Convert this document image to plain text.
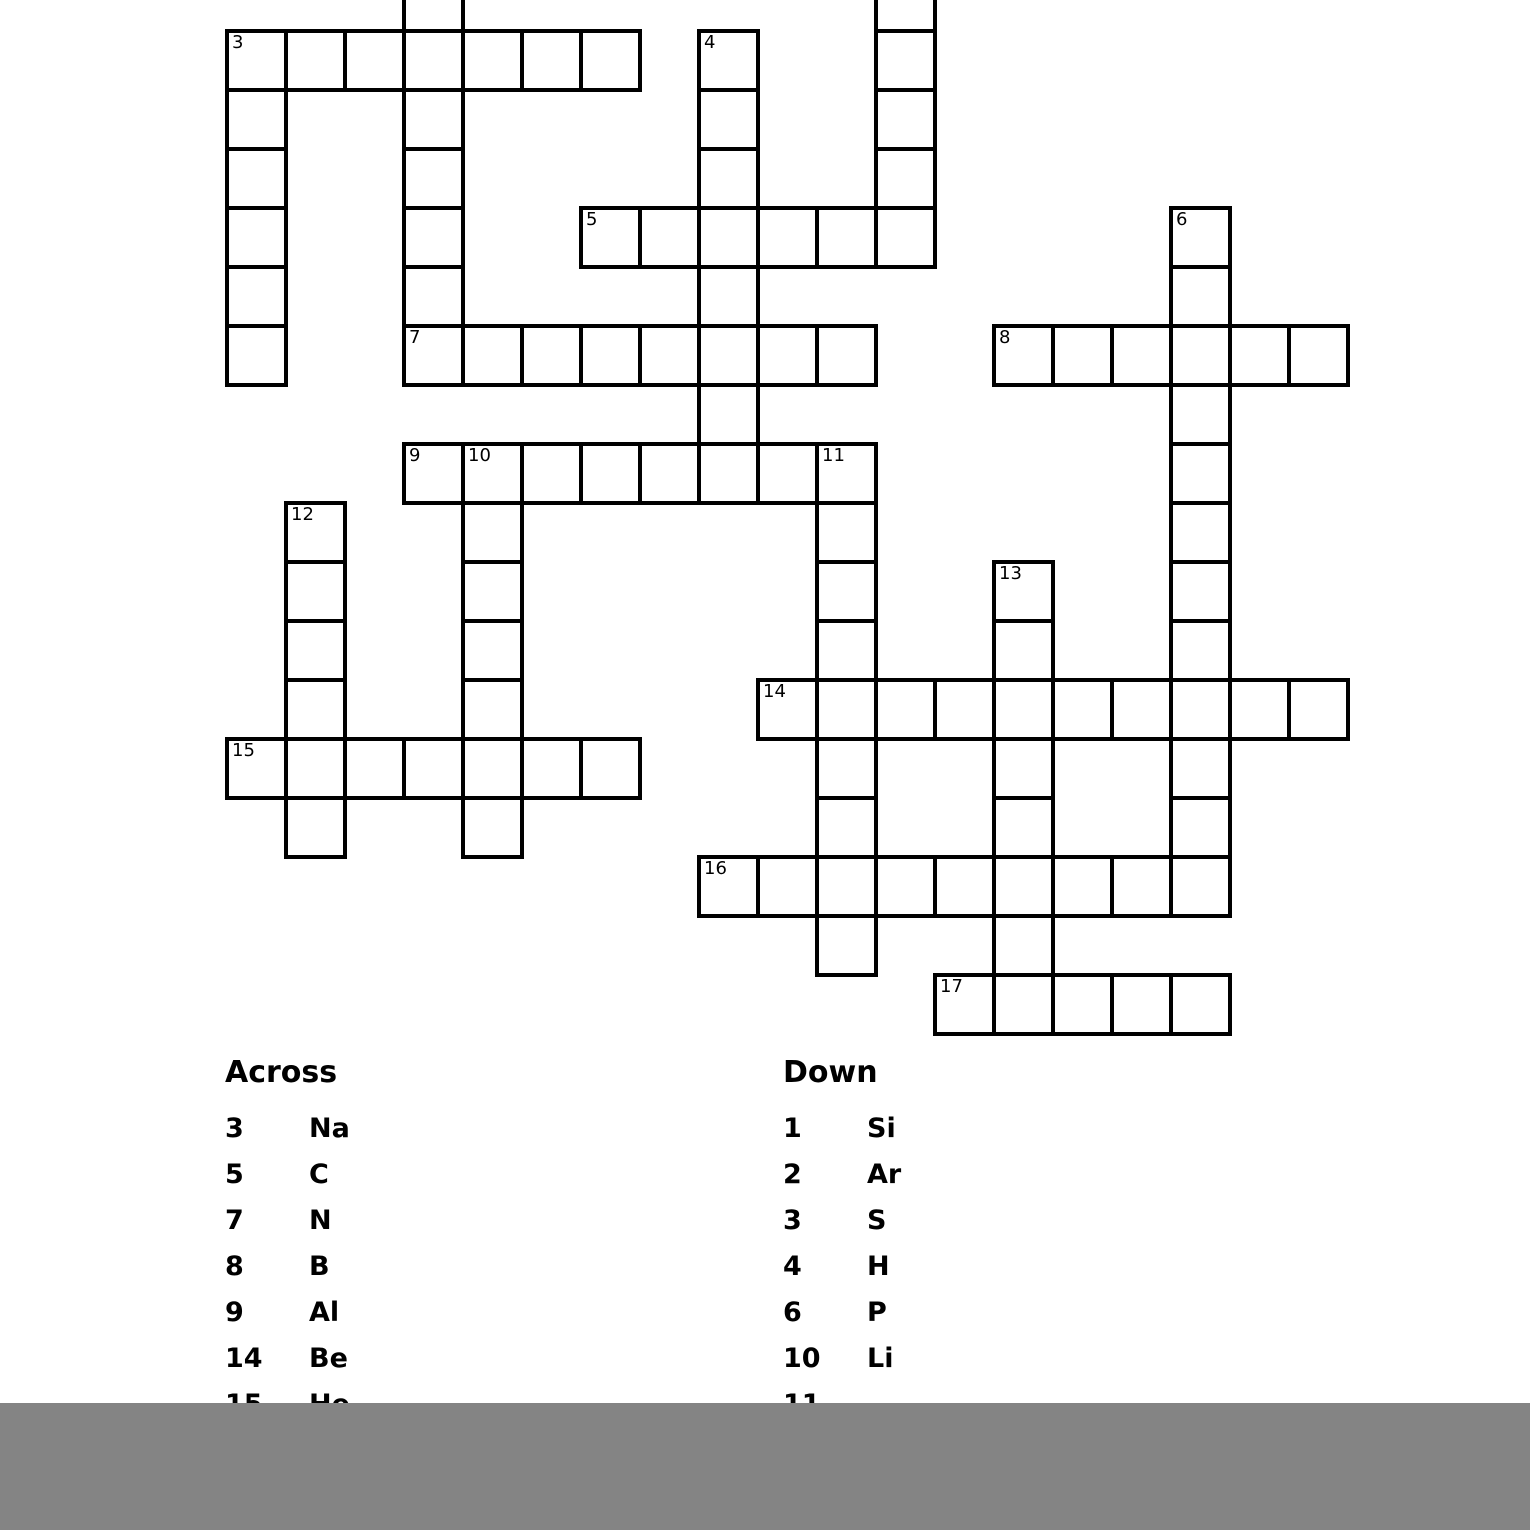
3	4
5	6
7	8
9	10	11
12
13
14
15
16
17
Across
3 Na
5 C
7 N
8 B
9 Al
14 Be
Down
1 Si
2 Ar
3 S
4 H
6 P
10 Li
